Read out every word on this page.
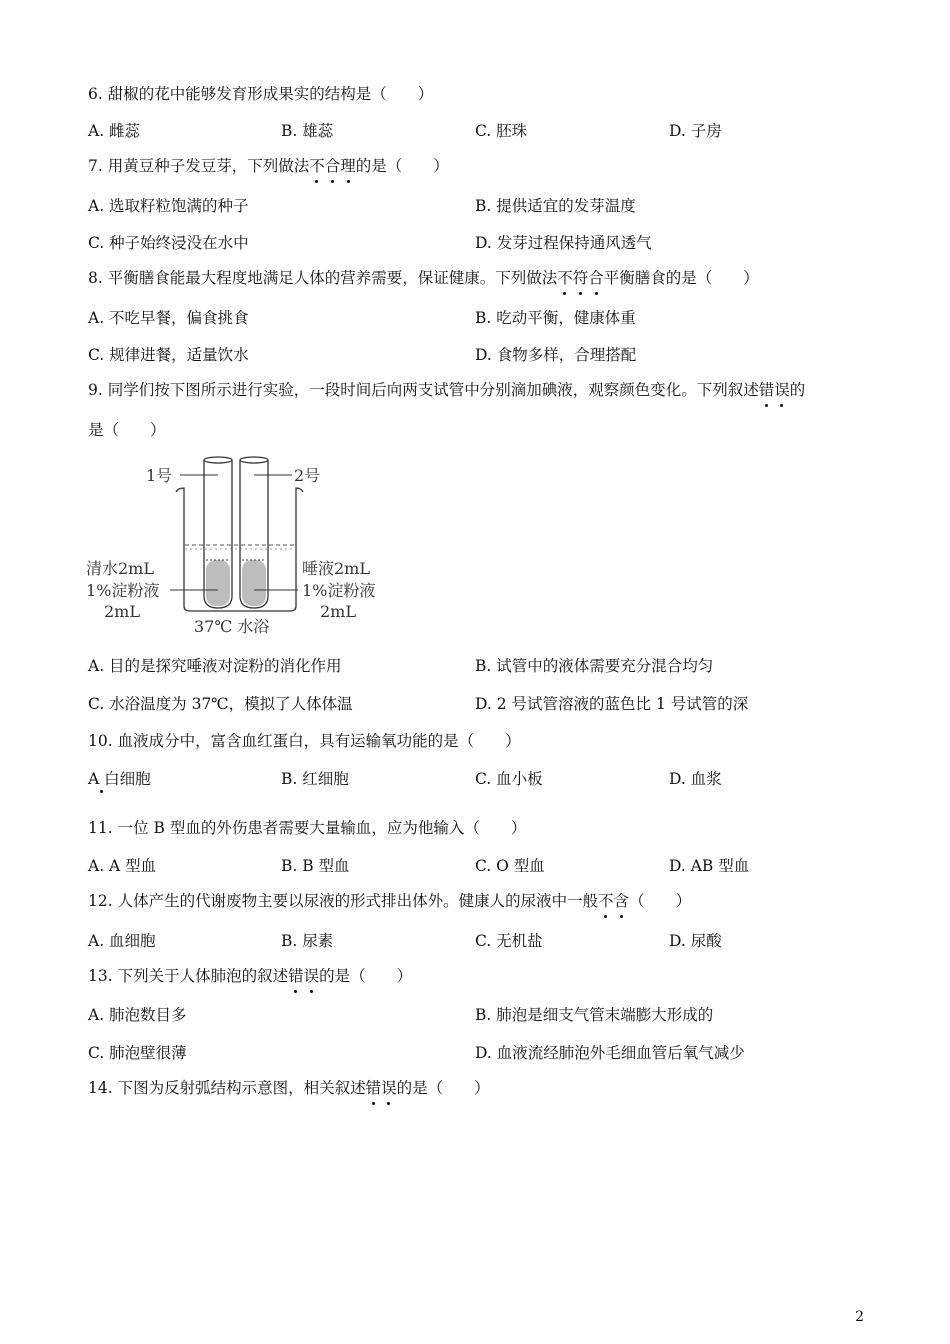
6. 甜椒的花中能够发育形成果实的结构是（　　）
A. 雌蕊	B. 雄蕊	C. 胚珠	D. 子房
7. 用黄豆种子发豆芽，下列做法不合理的是（　　）
A. 选取籽粒饱满的种子	B. 提供适宜的发芽温度
C. 种子始终浸没在水中	D. 发芽过程保持通风透气
8. 平衡膳食能最大程度地满足人体的营养需要，保证健康。下列做法不符合平衡膳食的是（　　）
A. 不吃早餐，偏食挑食	B. 吃动平衡，健康体重
C. 规律进餐，适量饮水	D. 食物多样，合理搭配
9. 同学们按下图所示进行实验，一段时间后向两支试管中分别滴加碘液，观察颜色变化。下列叙述错误的
是（　　）
1号	2号
清水2mL
1%淀粉液
2mL
唾液2mL
1%淀粉液
2mL
37℃ 水浴
A. 目的是探究唾液对淀粉的消化作用	B. 试管中的液体需要充分混合均匀
C. 水浴温度为 37℃，模拟了人体体温	D. 2 号试管溶液的蓝色比 1 号试管的深
10. 血液成分中，富含血红蛋白，具有运输氧功能的是（　　）
A 白细胞	B. 红细胞	C. 血小板	D. 血浆
11. 一位 B 型血的外伤患者需要大量输血，应为他输入（　　）
A. A 型血	B. B 型血	C. O 型血	D. AB 型血
12. 人体产生的代谢废物主要以尿液的形式排出体外。健康人的尿液中一般不含（　　）
A. 血细胞	B. 尿素	C. 无机盐	D. 尿酸
13. 下列关于人体肺泡的叙述错误的是（　　）
A. 肺泡数目多	B. 肺泡是细支气管末端膨大形成的
C. 肺泡壁很薄	D. 血液流经肺泡外毛细血管后氧气减少
14. 下图为反射弧结构示意图，相关叙述错误的是（　　）
2
